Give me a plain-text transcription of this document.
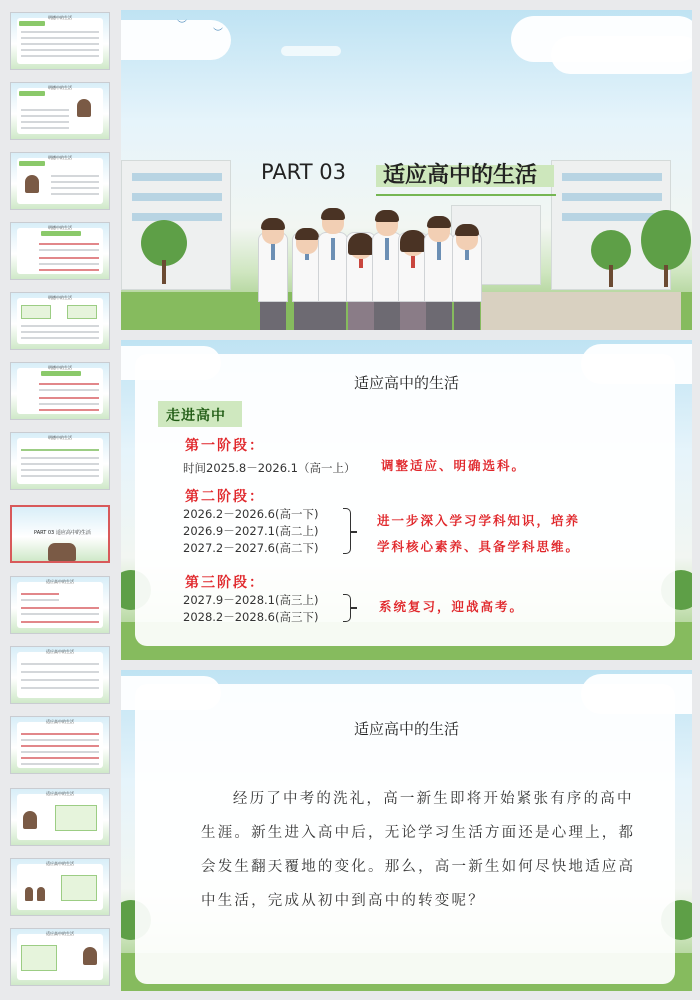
明德中的生活
明德中的生活
明德中的生活
明德中的生活
明德中的生活
明德中的生活
明德中的生活
PART 03 适应高中的生活
适应高中的生活
适应高中的生活
适应高中的生活
适应高中的生活
适应高中的生活
适应高中的生活
︶
︶
PART 03 适应高中的生活
适应高中的生活
走进高中
第一阶段：
时间2025.8－2026.1（高一上） 调整适应、明确选科。
第二阶段：
2026.2－2026.6(高一下)
2026.9－2027.1(高二上)
2027.2－2027.6(高二下)
进一步深入学习学科知识，培养
学科核心素养、具备学科思维。
第三阶段：
2027.9－2028.1(高三上)
2028.2－2028.6(高三下)
系统复习，迎战高考。
适应高中的生活
经历了中考的洗礼，高一新生即将开始紧张有序的高中生涯。新生进入高中后，无论学习生活方面还是心理上，都会发生翻天覆地的变化。那么，高一新生如何尽快地适应高中生活，完成从初中到高中的转变呢？
